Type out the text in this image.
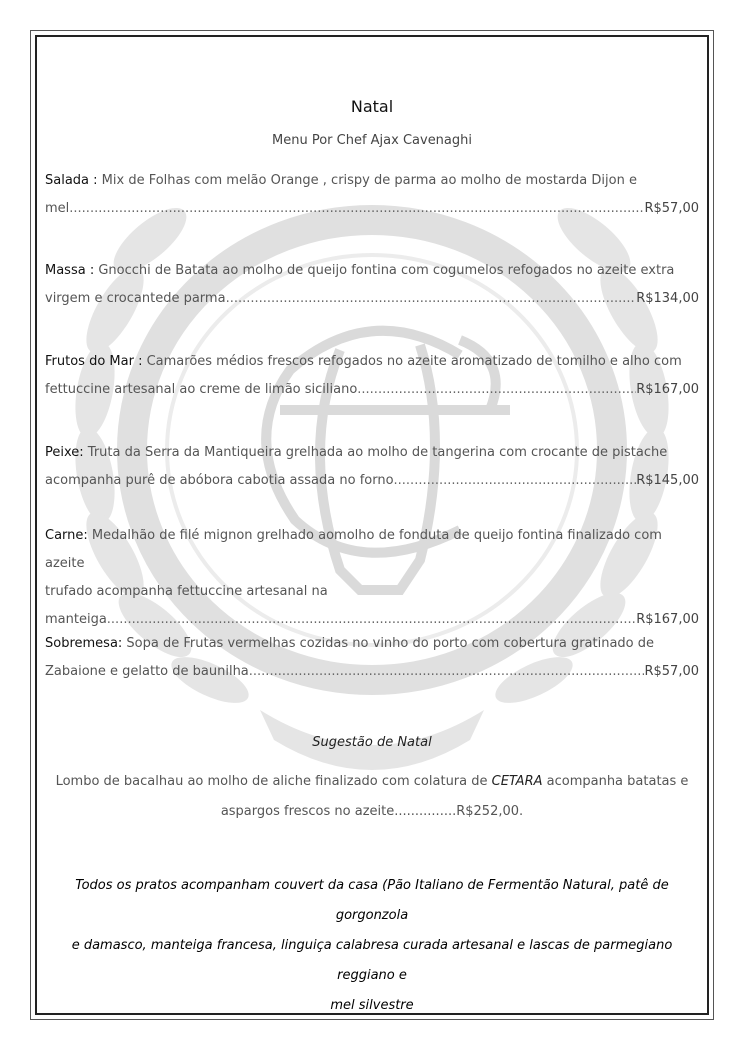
Natal
Menu Por Chef Ajax Cavenaghi
Salada : Mix de Folhas com melão Orange , crispy de parma ao molho de mostarda Dijon e
mel .....	R$57,00
Massa : Gnocchi de Batata ao molho de queijo fontina com cogumelos refogados no azeite extra
virgem e crocantede parma .....	R$134,00
Frutos do Mar : Camarões médios frescos refogados no azeite aromatizado de tomilho e alho com
fettuccine artesanal ao creme de limão siciliano .....	R$167,00
Peixe: Truta da Serra da Mantiqueira grelhada ao molho de tangerina com crocante de pistache
acompanha purê de abóbora cabotia assada no forno .....	R$145,00
Carne: Medalhão de filé mignon grelhado aomolho de fonduta de queijo fontina finalizado com azeite
trufado acompanha fettuccine artesanal na
manteiga .....	R$167,00
Sobremesa: Sopa de Frutas vermelhas cozidas no vinho do porto com cobertura gratinado de
Zabaione e gelatto de baunilha .....	R$57,00
Sugestão de Natal
Lombo de bacalhau ao molho de aliche finalizado com colatura de CETARA acompanha batatas e
aspargos frescos no azeite...............R$252,00.
Todos os pratos acompanham couvert da casa (Pão Italiano de Fermentão Natural, patê de gorgonzola
e damasco, manteiga francesa, linguiça calabresa curada artesanal e lascas de parmegiano reggiano e
mel silvestre
